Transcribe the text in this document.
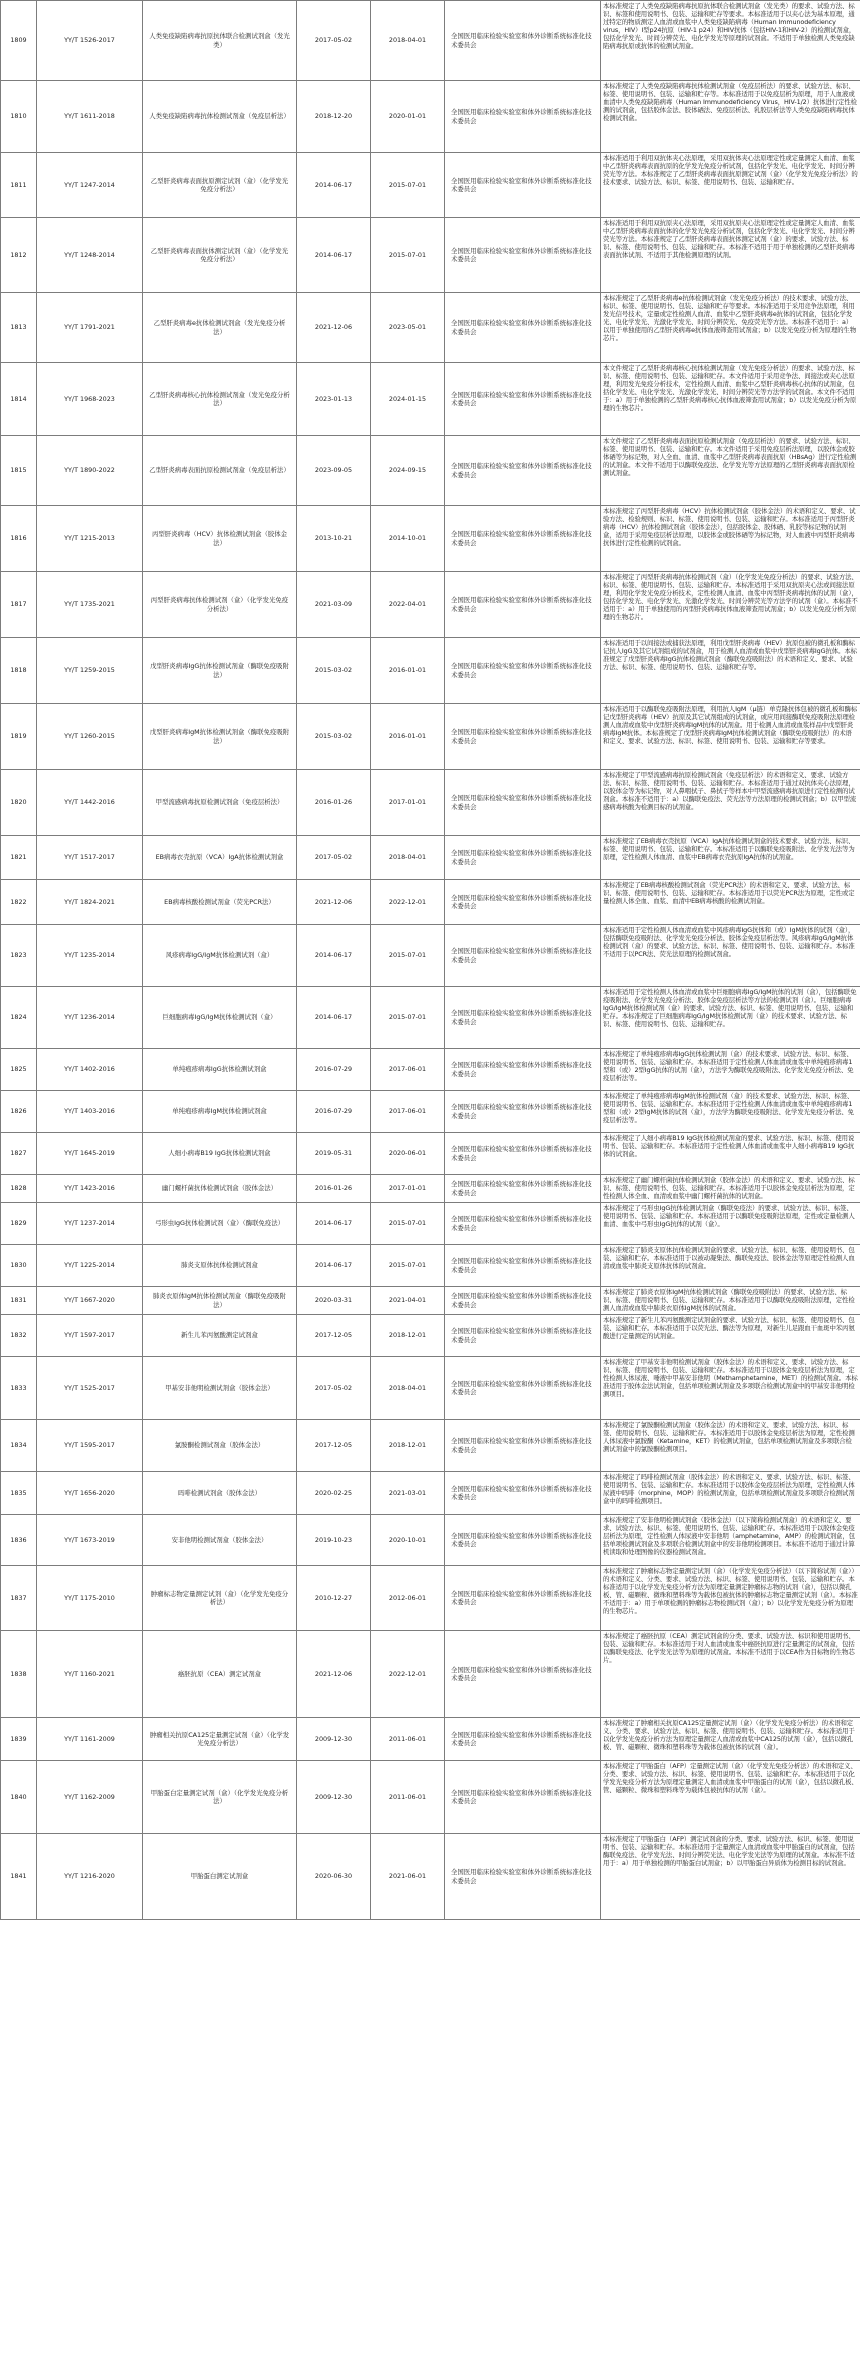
1809	YY/T 1526-2017	人类免疫缺陷病毒抗原抗体联合检测试剂盒（发光类）	2017-05-02	2018-04-01	全国医用临床检验实验室和体外诊断系统标准化技术委员会	本标准规定了人类免疫缺陷病毒抗原抗体联合检测试剂盒（发光类）的要求、试验方法、标识、标签和使用说明书、包装、运输和贮存等要求。本标准适用于以夹心法为基本原理，通过特定的物质测定人血清或血浆中人类免疫缺陷病毒（Human Immunodeficiency virus，HIV）I型p24抗原（HIV-1 p24）和HIV抗体（包括HIV-1和HIV-2）的检测试剂盒，包括化学发光、时间分辨荧光、电化学发光等原理的试剂盒。不适用于单独检测人类免疫缺陷病毒抗原或抗体的检测试剂盒。
1810	YY/T 1611-2018	人类免疫缺陷病毒抗体检测试剂盒（免疫层析法）	2018-12-20	2020-01-01	全国医用临床检验实验室和体外诊断系统标准化技术委员会	本标准规定了人类免疫缺陷病毒抗体检测试剂盒（免疫层析法）的要求、试验方法、标识、标签、使用说明书、包装、运输和贮存等。本标准适用于以免疫层析为原理，用于人血液或血清中人类免疫缺陷病毒（Human Immunodeficiency Virus，HIV-1/2）抗体进行定性检测的试剂盒，包括胶体金法、胶体硒法、免疫层析法、乳胶层析法等人类免疫缺陷病毒抗体检测试剂盒。
1811	YY/T 1247-2014	乙型肝炎病毒表面抗原测定试剂（盒）（化学发光免疫分析法）	2014-06-17	2015-07-01	全国医用临床检验实验室和体外诊断系统标准化技术委员会	本标准适用于利用双抗体夹心法原理，采用双抗体夹心法原理定性或定量测定人血清、血浆中乙型肝炎病毒表面抗原的化学发光免疫分析试剂，包括化学发光、电化学发光、时间分辨荧光等方法。本标准规定了乙型肝炎病毒表面抗原测定试剂（盒）（化学发光免疫分析法）的技术要求、试验方法、标识、标签、使用说明书、包装、运输和贮存。
1812	YY/T 1248-2014	乙型肝炎病毒表面抗体测定试剂（盒）（化学发光免疫分析法）	2014-06-17	2015-07-01	全国医用临床检验实验室和体外诊断系统标准化技术委员会	本标准适用于利用双抗原夹心法原理，采用双抗原夹心法原理定性或定量测定人血清、血浆中乙型肝炎病毒表面抗体的化学发光免疫分析试剂，包括化学发光、电化学发光、时间分辨荧光等方法。本标准规定了乙型肝炎病毒表面抗体测定试剂（盒）的要求、试验方法、标识、标签、使用说明书、包装、运输和贮存。本标准不适用于用于单独检测的乙型肝炎病毒表面抗体试剂、不适用于其他检测原理的试剂。
1813	YY/T 1791-2021	乙型肝炎病毒e抗体检测试剂盒（发光免疫分析法）	2021-12-06	2023-05-01	全国医用临床检验实验室和体外诊断系统标准化技术委员会	本标准规定了乙型肝炎病毒e抗体检测试剂盒（发光免疫分析法）的技术要求、试验方法、标识、标签、使用说明书、包装、运输和贮存等要求。本标准适用于采用竞争法原理，利用发光信号技术，定量或定性检测人血清、血浆中乙型肝炎病毒e抗体的试剂盒，包括化学发光、电化学发光、光激化学发光、时间分辨荧光、免疫荧光等方法。本标准不适用于：a）以用于单独使用的乙型肝炎病毒e抗体血液筛查用试剂盒；b）以发光免疫分析为原理的生物芯片。
1814	YY/T 1968-2023	乙型肝炎病毒核心抗体检测试剂盒（发光免疫分析法）	2023-01-13	2024-01-15	全国医用临床检验实验室和体外诊断系统标准化技术委员会	本文件规定了乙型肝炎病毒核心抗体检测试剂盒（发光免疫分析法）的要求、试验方法、标识、标签、使用说明书、包装、运输和贮存。本文件适用于采用竞争法、间接法或夹心法原理，利用发光免疫分析技术，定性检测人血清、血浆中乙型肝炎病毒核心抗体的试剂盒，包括化学发光、电化学发光、光激化学发光、时间分辨荧光等方法学的试剂盒。本文件不适用于：a）用于单独检测的乙型肝炎病毒核心抗体血液筛查用试剂盒；b）以发光免疫分析为原理的生物芯片。
1815	YY/T 1890-2022	乙型肝炎病毒表面抗原检测试剂盒（免疫层析法）	2023-09-05	2024-09-15	全国医用临床检验实验室和体外诊断系统标准化技术委员会	本文件规定了乙型肝炎病毒表面抗原检测试剂盒（免疫层析法）的要求、试验方法、标识、标签、使用说明书、包装、运输和贮存。本文件适用于采用免疫层析法原理，以胶体金或胶体硒等为标记物，对人全血、血清、血浆中乙型肝炎病毒表面抗原（HBsAg）进行定性检测的试剂盒。本文件不适用于以酶联免疫法、化学发光等方法原理的乙型肝炎病毒表面抗原检测试剂盒。
1816	YY/T 1215-2013	丙型肝炎病毒（HCV）抗体检测试剂盒（胶体金法）	2013-10-21	2014-10-01	全国医用临床检验实验室和体外诊断系统标准化技术委员会	本标准规定了丙型肝炎病毒（HCV）抗体检测试剂盒（胶体金法）的术语和定义、要求、试验方法、检验规则、标识、标签、使用说明书、包装、运输和贮存。本标准适用于丙型肝炎病毒（HCV）抗体检测试剂盒（胶体金法），包括胶体金、胶体硒、乳胶等标记物的试剂盒，适用于采用免疫层析法原理，以胶体金或胶体硒等为标记物，对人血液中丙型肝炎病毒抗体进行定性检测的试剂盒。
1817	YY/T 1735-2021	丙型肝炎病毒抗体检测试剂（盒）（化学发光免疫分析法）	2021-03-09	2022-04-01	全国医用临床检验实验室和体外诊断系统标准化技术委员会	本标准规定了丙型肝炎病毒抗体检测试剂（盒）（化学发光免疫分析法）的要求、试验方法、标识、标签、使用说明书、包装、运输和贮存。本标准适用于采用双抗原夹心法或间接法原理，利用化学发光免疫分析技术，定性检测人血清、血浆中丙型肝炎病毒抗体的试剂（盒），包括化学发光、电化学发光、光激化学发光、时间分辨荧光等方法学的试剂（盒）。本标准不适用于：a）用于单独使用的丙型肝炎病毒抗体血液筛查用试剂盒；b）以发光免疫分析为原理的生物芯片。
1818	YY/T 1259-2015	戊型肝炎病毒IgG抗体检测试剂盒（酶联免疫吸附法）	2015-03-02	2016-01-01	全国医用临床检验实验室和体外诊断系统标准化技术委员会	本标准适用于以间接法或捕获法原理，利用戊型肝炎病毒（HEV）抗原包被的微孔板和酶标记抗人IgG及其它试剂组成的试剂盒，用于检测人血清或血浆中戊型肝炎病毒IgG抗体。本标准规定了戊型肝炎病毒IgG抗体检测试剂盒（酶联免疫吸附法）的术语和定义、要求、试验方法、标识、标签、使用说明书、包装、运输和贮存等。
1819	YY/T 1260-2015	戊型肝炎病毒IgM抗体检测试剂盒（酶联免疫吸附法）	2015-03-02	2016-01-01	全国医用临床检验实验室和体外诊断系统标准化技术委员会	本标准适用于以酶联免疫吸附法原理，利用抗人IgM（μ链）单克隆抗体包被的微孔板和酶标记戊型肝炎病毒（HEV）抗原及其它试剂组成的试剂盒，或应用间接酶联免疫吸附法原理检测人血清或血浆中戊型肝炎病毒IgM抗体的试剂盒。用于检测人血清或血浆样品中戊型肝炎病毒IgM抗体。本标准规定了戊型肝炎病毒IgM抗体检测试剂盒（酶联免疫吸附法）的术语和定义、要求、试验方法、标识、标签、使用说明书、包装、运输和贮存等要求。
1820	YY/T 1442-2016	甲型流感病毒抗原检测试剂盒（免疫层析法）	2016-01-26	2017-01-01	全国医用临床检验实验室和体外诊断系统标准化技术委员会	本标准规定了甲型流感病毒抗原检测试剂盒（免疫层析法）的术语和定义、要求、试验方法、标识、标签、使用说明书、包装、运输和贮存。本标准适用于通过双抗体夹心法原理，以胶体金等为标记物，对人鼻咽拭子、鼻拭子等样本中甲型流感病毒抗原进行定性检测的试剂盒。本标准不适用于：a）以酶联免疫法、荧光法等方法原理的检测试剂盒；b）以甲型流感病毒核酸为检测目标的试剂盒。
1821	YY/T 1517-2017	EB病毒衣壳抗原（VCA）IgA抗体检测试剂盒	2017-05-02	2018-04-01	全国医用临床检验实验室和体外诊断系统标准化技术委员会	本标准规定了EB病毒衣壳抗原（VCA）IgA抗体检测试剂盒的技术要求、试验方法、标识、标签、使用说明书、包装、运输和贮存。本标准适用于以酶联免疫吸附法、化学发光法等为原理，定性检测人体血清、血浆中EB病毒衣壳抗原IgA抗体的试剂盒。
1822	YY/T 1824-2021	EB病毒核酸检测试剂盒（荧光PCR法）	2021-12-06	2022-12-01	全国医用临床检验实验室和体外诊断系统标准化技术委员会	本标准规定了EB病毒核酸检测试剂盒（荧光PCR法）的术语和定义、要求、试验方法、标识、标签、使用说明书、包装、运输和贮存。本标准适用于以荧光PCR法为原理，定性或定量检测人体全血、血浆、血清中EB病毒核酸的检测试剂盒。
1823	YY/T 1235-2014	风疹病毒IgG/IgM抗体检测试剂（盒）	2014-06-17	2015-07-01	全国医用临床检验实验室和体外诊断系统标准化技术委员会	本标准适用于定性检测人体血清或血浆中风疹病毒IgG抗体和（或）IgM抗体的试剂（盒），包括酶联免疫吸附法、化学发光免疫分析法、胶体金免疫层析法等。风疹病毒IgG/IgM抗体检测试剂（盒）的要求、试验方法、标识、标签、使用说明书、包装、运输和贮存。本标准不适用于以PCR法、荧光法原理的检测试剂盒。
1824	YY/T 1236-2014	巨细胞病毒IgG/IgM抗体检测试剂（盒）	2014-06-17	2015-07-01	全国医用临床检验实验室和体外诊断系统标准化技术委员会	本标准适用于定性检测人体血清或血浆中巨细胞病毒IgG/IgM抗体的试剂（盒），包括酶联免疫吸附法、化学发光免疫分析法、胶体金免疫层析法等方法的检测试剂（盒）。巨细胞病毒IgG/IgM抗体检测试剂（盒）的要求、试验方法、标识、标签、使用说明书、包装、运输和贮存。本标准规定了巨细胞病毒IgG/IgM抗体检测试剂（盒）的技术要求、试验方法、标识、标签、使用说明书、包装、运输和贮存。
1825	YY/T 1402-2016	单纯疱疹病毒IgG抗体检测试剂盒	2016-07-29	2017-06-01	全国医用临床检验实验室和体外诊断系统标准化技术委员会	本标准规定了单纯疱疹病毒IgG抗体检测试剂（盒）的技术要求、试验方法、标识、标签、使用说明书、包装、运输和贮存。本标准适用于定性检测人体血清或血浆中单纯疱疹病毒1型和（或）2型IgG抗体的试剂（盒），方法学为酶联免疫吸附法、化学发光免疫分析法、免疫层析法等。
1826	YY/T 1403-2016	单纯疱疹病毒IgM抗体检测试剂盒	2016-07-29	2017-06-01	全国医用临床检验实验室和体外诊断系统标准化技术委员会	本标准规定了单纯疱疹病毒IgM抗体检测试剂（盒）的技术要求、试验方法、标识、标签、使用说明书、包装、运输和贮存。本标准适用于定性检测人体血清或血浆中单纯疱疹病毒1型和（或）2型IgM抗体的试剂（盒），方法学为酶联免疫吸附法、化学发光免疫分析法、免疫层析法等。
1827	YY/T 1645-2019	人细小病毒B19 IgG抗体检测试剂盒	2019-05-31	2020-06-01	全国医用临床检验实验室和体外诊断系统标准化技术委员会	本标准规定了人细小病毒B19 IgG抗体检测试剂盒的要求、试验方法、标识、标签、使用说明书、包装、运输和贮存。本标准适用于定性检测人体血清或血浆中人细小病毒B19 IgG抗体的试剂盒。
1828	YY/T 1423-2016	幽门螺杆菌抗体检测试剂盒（胶体金法）	2016-01-26	2017-01-01	全国医用临床检验实验室和体外诊断系统标准化技术委员会	本标准规定了幽门螺杆菌抗体检测试剂盒（胶体金法）的术语和定义、要求、试验方法、标识、标签、使用说明书、包装、运输和贮存。本标准适用于以胶体金免疫层析法为原理，定性检测人体全血、血清或血浆中幽门螺杆菌抗体的试剂盒。
1829	YY/T 1237-2014	弓形虫IgG抗体检测试剂（盒）（酶联免疫法）	2014-06-17	2015-07-01	全国医用临床检验实验室和体外诊断系统标准化技术委员会	本标准规定了弓形虫IgG抗体检测试剂盒（酶联免疫法）的要求、试验方法、标识、标签、使用说明书、包装、运输和贮存。本标准适用于以酶联免疫吸附法原理，定性或定量检测人血清、血浆中弓形虫IgG抗体的试剂（盒）。
1830	YY/T 1225-2014	肺炎支原体抗体检测试剂盒	2014-06-17	2015-07-01	全国医用临床检验实验室和体外诊断系统标准化技术委员会	本标准规定了肺炎支原体抗体检测试剂盒的要求、试验方法、标识、标签、使用说明书、包装、运输和贮存。本标准适用于以被动凝集法、酶联免疫法、胶体金法等原理定性检测人血清或血浆中肺炎支原体抗体的试剂盒。
1831	YY/T 1667-2020	肺炎衣原体IgM抗体检测试剂盒（酶联免疫吸附法）	2020-03-31	2021-04-01	全国医用临床检验实验室和体外诊断系统标准化技术委员会	本标准规定了肺炎衣原体IgM抗体检测试剂盒（酶联免疫吸附法）的要求、试验方法、标识、标签、使用说明书、包装、运输和贮存。本标准适用于以酶联免疫吸附法原理，定性检测人血清或血浆中肺炎衣原体IgM抗体的试剂盒。
1832	YY/T 1597-2017	新生儿苯丙氨酸测定试剂盒	2017-12-05	2018-12-01	全国医用临床检验实验室和体外诊断系统标准化技术委员会	本标准规定了新生儿苯丙氨酸测定试剂盒的要求、试验方法、标识、标签、使用说明书、包装、运输和贮存。本标准适用于以荧光法、酶法等为原理，对新生儿足跟血干血斑中苯丙氨酸进行定量测定的试剂盒。
1833	YY/T 1525-2017	甲基安非他明检测试剂盒（胶体金法）	2017-05-02	2018-04-01	全国医用临床检验实验室和体外诊断系统标准化技术委员会	本标准规定了甲基安非他明检测试剂盒（胶体金法）的术语和定义、要求、试验方法、标识、标签、使用说明书、包装、运输和贮存。本标准适用于以胶体金免疫层析法为原理，定性检测人体尿液、唾液中甲基安非他明（Methamphetamine，MET）的检测试剂盒。本标准适用于胶体金法试剂盒，包括单项检测试剂盒及多项联合检测试剂盒中的甲基安非他明检测项目。
1834	YY/T 1595-2017	氯胺酮检测试剂盒（胶体金法）	2017-12-05	2018-12-01	全国医用临床检验实验室和体外诊断系统标准化技术委员会	本标准规定了氯胺酮检测试剂盒（胶体金法）的术语和定义、要求、试验方法、标识、标签、使用说明书、包装、运输和贮存。本标准适用于以胶体金免疫层析法为原理，定性检测人体尿液中氯胺酮（Ketamine，KET）的检测试剂盒，包括单项检测试剂盒及多项联合检测试剂盒中的氯胺酮检测项目。
1835	YY/T 1656-2020	吗啡检测试剂盒（胶体金法）	2020-02-25	2021-03-01	全国医用临床检验实验室和体外诊断系统标准化技术委员会	本标准规定了吗啡检测试剂盒（胶体金法）的术语和定义、要求、试验方法、标识、标签、使用说明书、包装、运输和贮存。本标准适用于以胶体金免疫层析法为原理，定性检测人体尿液中吗啡（morphine，MOP）的检测试剂盒，包括单项检测试剂盒及多项联合检测试剂盒中的吗啡检测项目。
1836	YY/T 1673-2019	安非他明检测试剂盒（胶体金法）	2019-10-23	2020-10-01	全国医用临床检验实验室和体外诊断系统标准化技术委员会	本标准规定了安非他明检测试剂盒（胶体金法）（以下简称检测试剂盒）的术语和定义、要求、试验方法、标识、标签、使用说明书、包装、运输和贮存。本标准适用于以胶体金免疫层析法为原理，定性检测人体尿液中安非他明（amphetamine，AMP）的检测试剂盒，包括单项检测试剂盒及多项联合检测试剂盒中的安非他明检测项目。本标准不适用于通过计算机读取和处理图像的仪器检测试剂盒。
1837	YY/T 1175-2010	肿瘤标志物定量测定试剂（盒）（化学发光免疫分析法）	2010-12-27	2012-06-01	全国医用临床检验实验室和体外诊断系统标准化技术委员会	本标准规定了肿瘤标志物定量测定试剂（盒）（化学发光免疫分析法）（以下简称试剂（盒））的术语和定义、分类、要求、试验方法、标识、标签、使用说明书、包装、运输和贮存。本标准适用于以化学发光免疫分析方法为原理定量测定肿瘤标志物的试剂（盒），包括以微孔板、管、磁颗粒、微珠和塑料珠等为载体包被抗体的肿瘤标志物定量测定试剂（盒）。本标准不适用于：a）用于单项检测的肿瘤标志物检测试剂（盒）；b）以化学发光免疫分析为原理的生物芯片。
1838	YY/T 1160-2021	癌胚抗原（CEA）测定试剂盒	2021-12-06	2022-12-01	全国医用临床检验实验室和体外诊断系统标准化技术委员会	本标准规定了癌胚抗原（CEA）测定试剂盒的分类、要求、试验方法、标识和使用说明书、包装、运输和贮存。本标准适用于对人血清或血浆中癌胚抗原进行定量测定的试剂盒，包括以酶联免疫法、化学发光法等为原理的试剂盒。本标准不适用于以CEA作为目标物的生物芯片。
1839	YY/T 1161-2009	肿瘤相关抗原CA125定量测定试剂（盒）（化学发光免疫分析法）	2009-12-30	2011-06-01	全国医用临床检验实验室和体外诊断系统标准化技术委员会	本标准规定了肿瘤相关抗原CA125定量测定试剂（盒）（化学发光免疫分析法）的术语和定义、分类、要求、试验方法、标识、标签、使用说明书、包装、运输和贮存。本标准适用于以化学发光免疫分析方法为原理定量测定人血清或血浆中CA125的试剂（盒），包括以微孔板、管、磁颗粒、微珠和塑料珠等为载体包被抗体的试剂（盒）。
1840	YY/T 1162-2009	甲胎蛋白定量测定试剂（盒）（化学发光免疫分析法）	2009-12-30	2011-06-01	全国医用临床检验实验室和体外诊断系统标准化技术委员会	本标准规定了甲胎蛋白（AFP）定量测定试剂（盒）（化学发光免疫分析法）的术语和定义、分类、要求、试验方法、标识、标签、使用说明书、包装、运输和贮存。本标准适用于以化学发光免疫分析方法为原理定量测定人血清或血浆中甲胎蛋白的试剂（盒），包括以微孔板、管、磁颗粒、微珠和塑料珠等为载体包被抗体的试剂（盒）。
1841	YY/T 1216-2020	甲胎蛋白测定试剂盒	2020-06-30	2021-06-01	全国医用临床检验实验室和体外诊断系统标准化技术委员会	本标准规定了甲胎蛋白（AFP）测定试剂盒的分类、要求、试验方法、标识、标签、使用说明书、包装、运输和贮存。本标准适用于定量测定人血清或血浆中甲胎蛋白的试剂盒，包括酶联免疫法、化学发光法、时间分辨荧光法、电化学发光法等为原理的试剂盒。本标准不适用于：a）用于单独检测的甲胎蛋白试剂盒；b）以甲胎蛋白异质体为检测目标的试剂盒。
